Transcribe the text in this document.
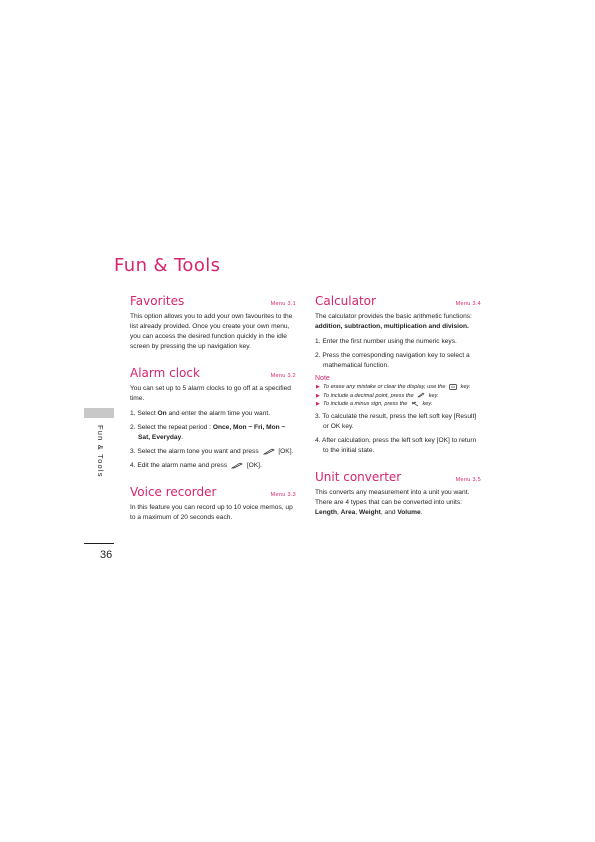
Fun & Tools
Fun & Tools
36
Favorites	Menu 3.1

This option allows you to add your own favourites to the list already provided. Once you create your own menu, you can access the desired function quickly in the idle screen by pressing the up navigation key.

Alarm clock	Menu 3.2

You can set up to 5 alarm clocks to go off at a specified time.

1. Select On and enter the alarm time you want.
2. Select the repeat period : Once, Mon ~ Fri, Mon ~ Sat, Everyday.
3. Select the alarm tone you want and press	[OK].
4. Edit the alarm name and press	[OK].
Voice recorder	Menu 3.3

In this feature you can record up to 10 voice memos, up to a maximum of 20 seconds each.

Calculator	Menu 3.4

The calculator provides the basic arithmetic functions: addition, subtraction, multiplication and division.

1. Enter the first number using the numeric keys.
2. Press the corresponding navigation key to select a mathematical function.
Note
▶ To erase any mistake or clear the display, use the	key.
▶ To include a decimal point, press the	key.
▶ To include a minus sign, press the	key.
3. To calculate the result, press the left soft key [Result] or OK key.
4. After calculation, press the left soft key [OK] to return to the initial state.
Unit converter	Menu 3.5

This converts any measurement into a unit you want. There are 4 types that can be converted into units: Length, Area, Weight, and Volume.
